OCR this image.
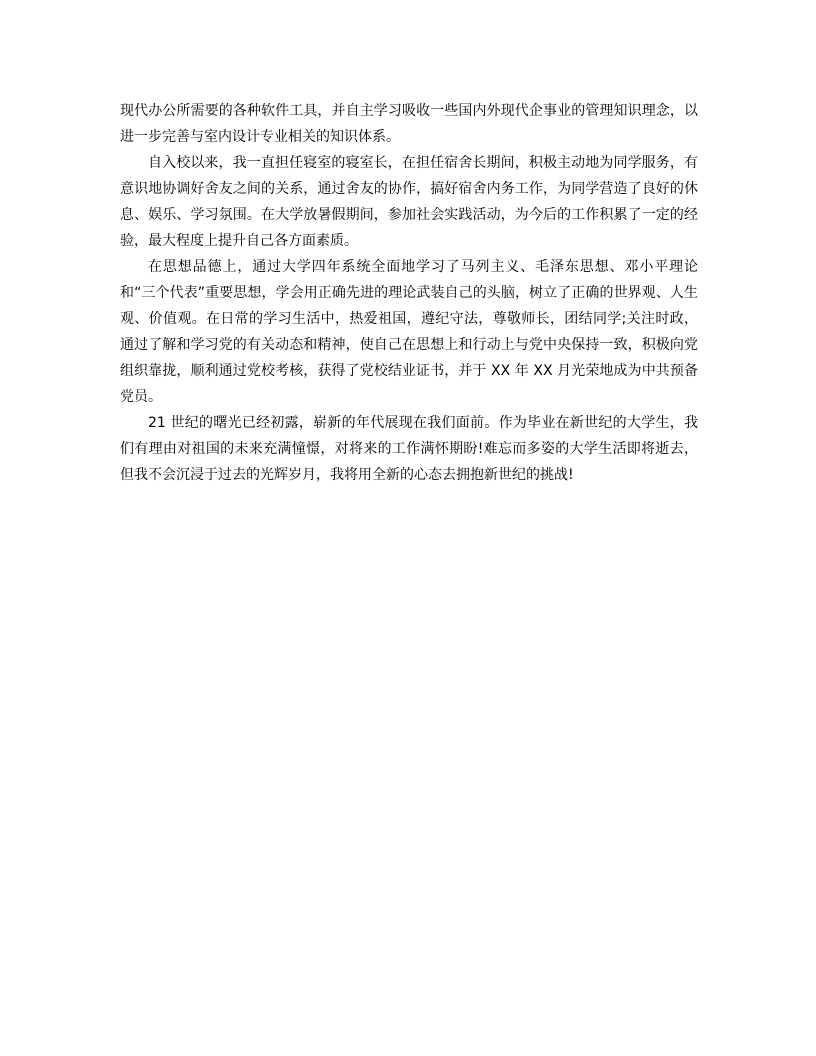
现代办公所需要的各种软件工具，并自主学习吸收一些国内外现代企事业的管理知识理念，以进一步完善与室内设计专业相关的知识体系。

自入校以来，我一直担任寝室的寝室长，在担任宿舍长期间，积极主动地为同学服务，有意识地协调好舍友之间的关系，通过舍友的协作，搞好宿舍内务工作，为同学营造了良好的休息、娱乐、学习氛围。在大学放暑假期间，参加社会实践活动，为今后的工作积累了一定的经验，最大程度上提升自己各方面素质。

在思想品德上，通过大学四年系统全面地学习了马列主义、毛泽东思想、邓小平理论和“三个代表”重要思想，学会用正确先进的理论武装自己的头脑，树立了正确的世界观、人生观、价值观。在日常的学习生活中，热爱祖国，遵纪守法，尊敬师长，团结同学;关注时政，通过了解和学习党的有关动态和精神，使自己在思想上和行动上与党中央保持一致，积极向党组织靠拢，顺利通过党校考核，获得了党校结业证书，并于 XX 年 XX 月光荣地成为中共预备党员。

21 世纪的曙光已经初露，崭新的年代展现在我们面前。作为毕业在新世纪的大学生，我们有理由对祖国的未来充满憧憬，对将来的工作满怀期盼!难忘而多姿的大学生活即将逝去，但我不会沉浸于过去的光辉岁月，我将用全新的心态去拥抱新世纪的挑战!
